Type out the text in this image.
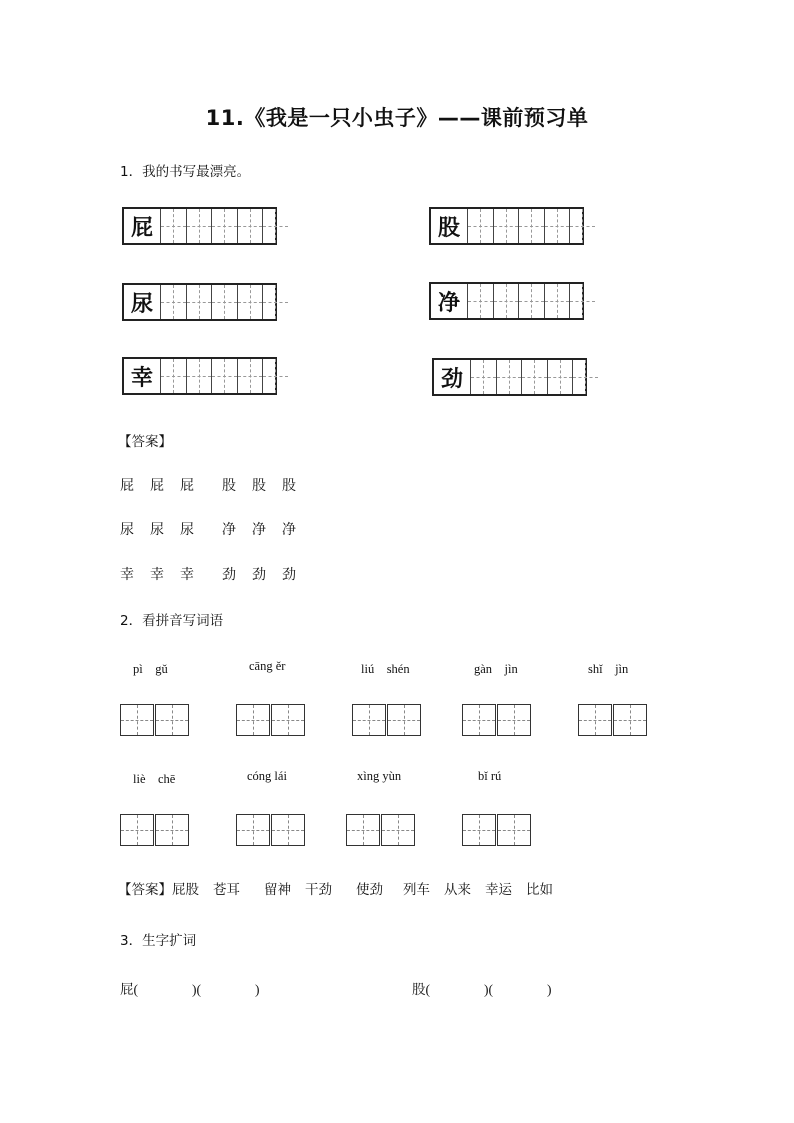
11.《我是一只小虫子》——课前预习单
1．我的书写最漂亮。
屁	股
尿	净
幸	劲
【答案】
屁 屁 屁 股 股 股
尿 尿 尿 净 净 净
幸 幸 幸 劲 劲 劲
2．看拼音写词语
pì　gǔ	cāng ěr	liú　shén	gàn　jìn	shǐ　jìn
liè　chē	cóng lái	xìng yùn	bǐ rú
【答案】屁股 苍耳 留神 干劲 使劲 列车 从来 幸运 比如
3．生字扩词
屁(　　　　)(　　　　)	股(　　　　)(　　　　)
